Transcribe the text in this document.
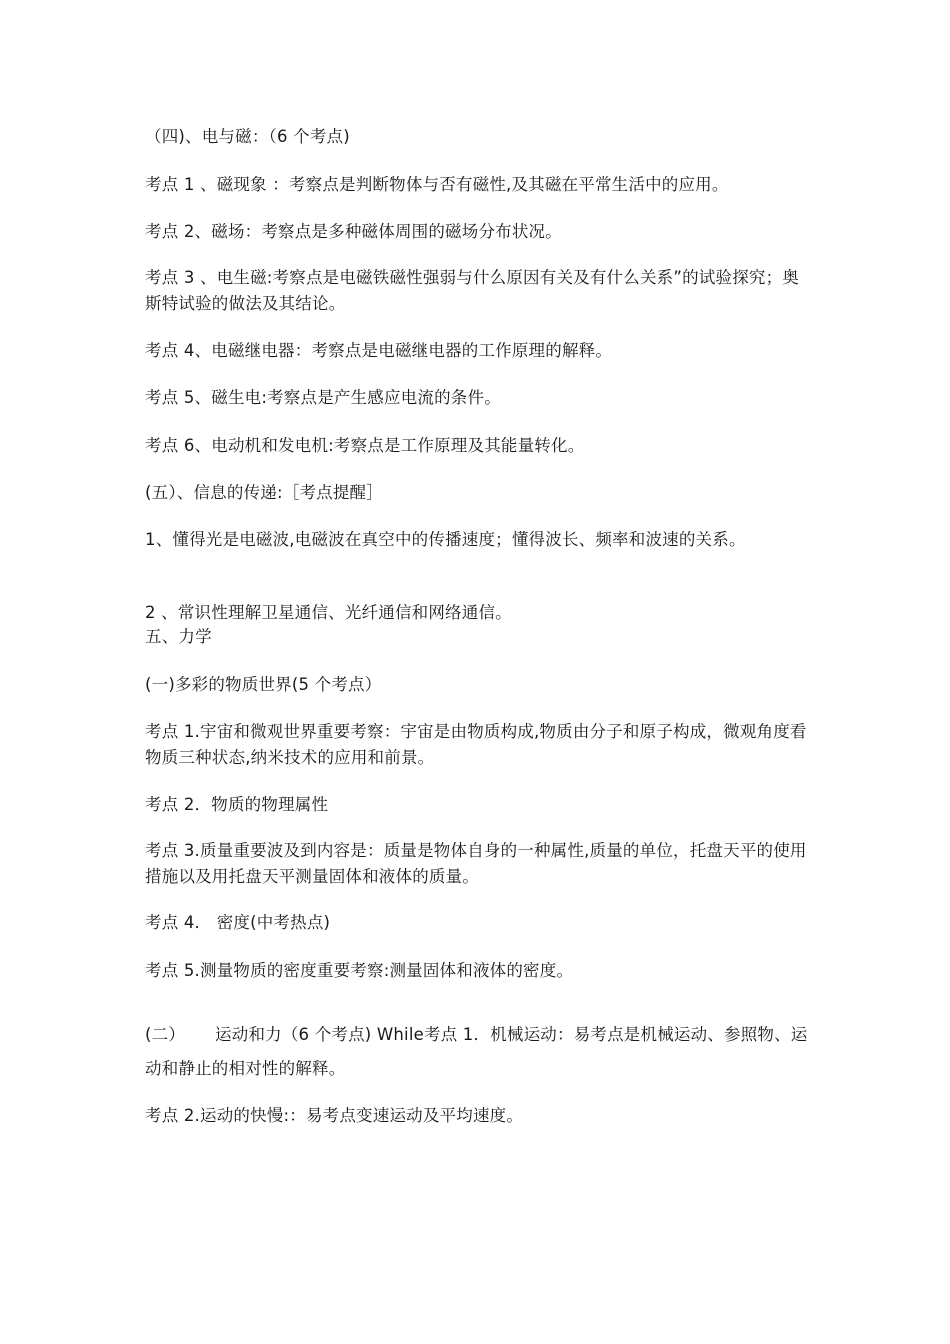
（四)、电与磁：（6 个考点)
考点 1 、磁现象 ：考察点是判断物体与否有磁性,及其磁在平常生活中的应用。
考点 2、磁场：考察点是多种磁体周围的磁场分布状况。
考点 3 、电生磁:考察点是电磁铁磁性强弱与什么原因有关及有什么关系”的试验探究；奥斯特试验的做法及其结论。
考点 4、电磁继电器：考察点是电磁继电器的工作原理的解释。
考点 5、磁生电:考察点是产生感应电流的条件。
考点 6、电动机和发电机:考察点是工作原理及其能量转化。
(五）、信息的传递:［考点提醒］
1、懂得光是电磁波,电磁波在真空中的传播速度；懂得波长、频率和波速的关系。
2 、常识性理解卫星通信、光纤通信和网络通信。
五、力学
(一)多彩的物质世界(5 个考点）
考点 1.宇宙和微观世界重要考察：宇宙是由物质构成,物质由分子和原子构成，微观角度看物质三种状态,纳米技术的应用和前景。
考点 2．物质的物理属性
考点 3.质量重要波及到内容是：质量是物体自身的一种属性,质量的单位，托盘天平的使用措施以及用托盘天平测量固体和液体的质量。
考点 4． 密度(中考热点)
考点 5.测量物质的密度重要考察:测量固体和液体的密度。
(二） 运动和力（6 个考点) While考点 1．机械运动：易考点是机械运动、参照物、运动和静止的相对性的解释。
考点 2.运动的快慢:：易考点变速运动及平均速度。
